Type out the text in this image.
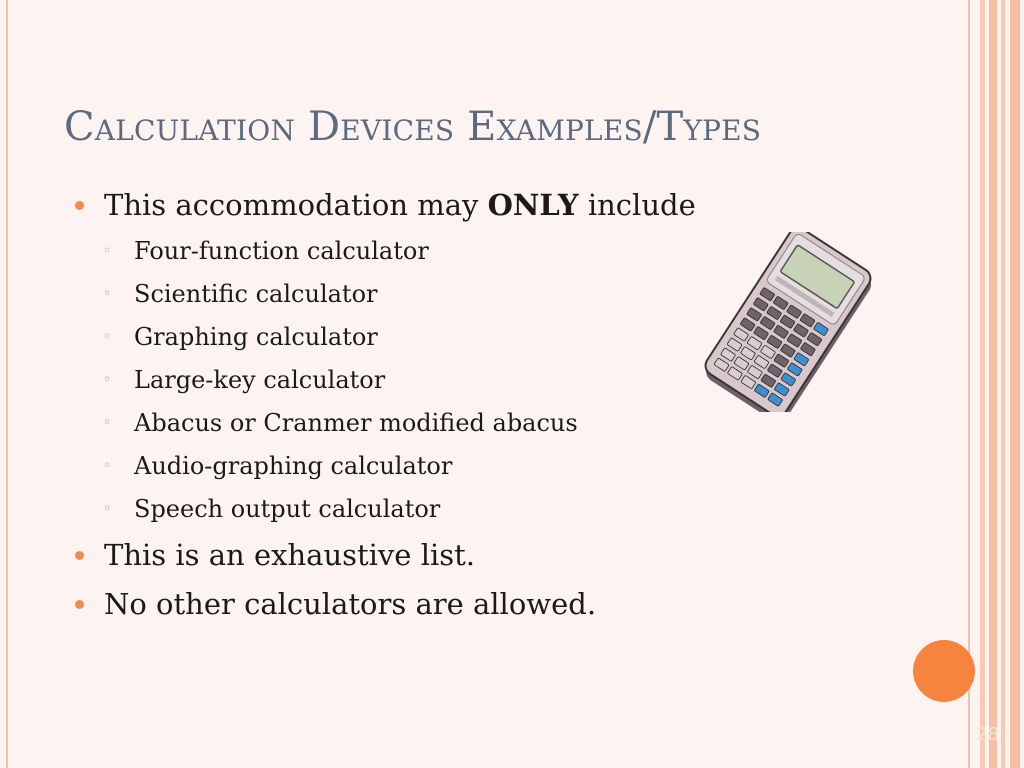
Calculation Devices Examples/Types
This accommodation may ONLY include
◦ Four-function calculator
◦ Scientific calculator
◦ Graphing calculator
◦ Large-key calculator
◦ Abacus or Cranmer modified abacus
◦ Audio-graphing calculator
◦ Speech output calculator
This is an exhaustive list.
No other calculators are allowed.
28
